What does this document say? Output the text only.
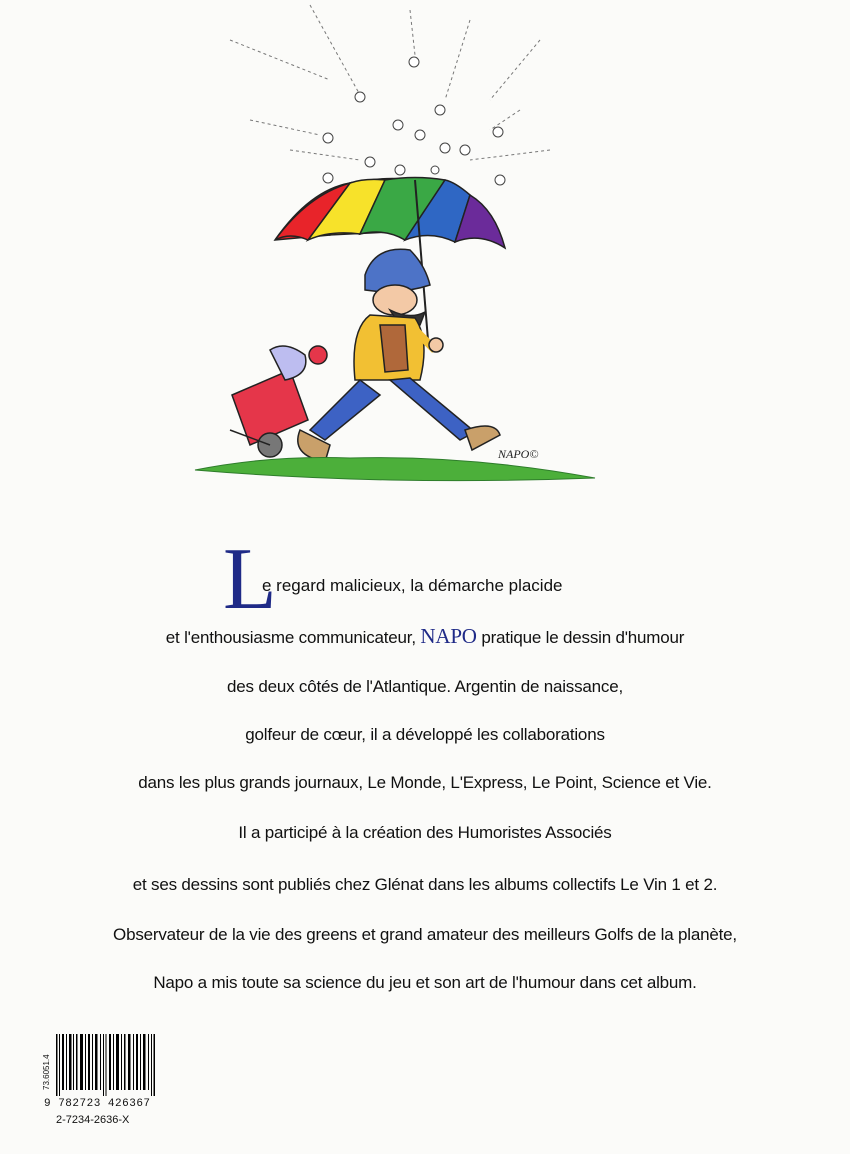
NAPO©
L
e regard malicieux, la démarche placide
et l'enthousiasme communicateur, NAPO pratique le dessin d'humour
des deux côtés de l'Atlantique. Argentin de naissance,
golfeur de cœur, il a développé les collaborations
dans les plus grands journaux, Le Monde, L'Express, Le Point, Science et Vie.
Il a participé à la création des Humoristes Associés
et ses dessins sont publiés chez Glénat dans les albums collectifs Le Vin 1 et 2.
Observateur de la vie des greens et grand amateur des meilleurs Golfs de la planète,
Napo a mis toute sa science du jeu et son art de l'humour dans cet album.
73.6051.4
9 782723 426367
2-7234-2636-X
